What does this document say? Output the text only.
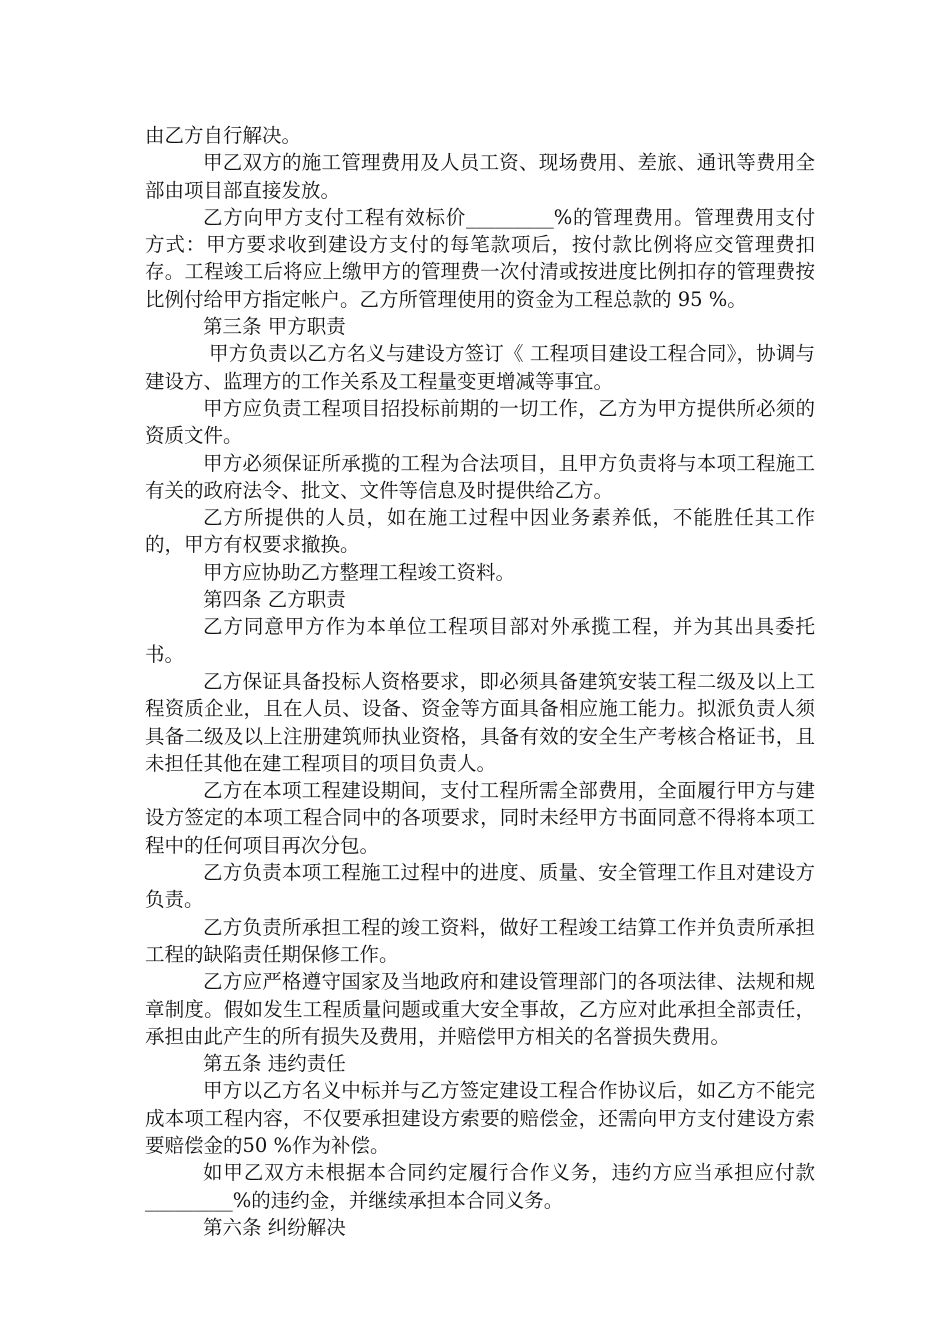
由乙方自行解决。

甲乙双方的施工管理费用及人员工资、现场费用、差旅、通讯等费用全部由项目部直接发放。

乙方向甲方支付工程有效标价_________%的管理费用。管理费用支付方式：甲方要求收到建设方支付的每笔款项后，按付款比例将应交管理费扣存。工程竣工后将应上缴甲方的管理费一次付清或按进度比例扣存的管理费按比例付给甲方指定帐户。乙方所管理使用的资金为工程总款的 95 %。

第三条 甲方职责

甲方负责以乙方名义与建设方签订《 工程项目建设工程合同》，协调与建设方、监理方的工作关系及工程量变更增减等事宜。

甲方应负责工程项目招投标前期的一切工作，乙方为甲方提供所必须的资质文件。

甲方必须保证所承揽的工程为合法项目，且甲方负责将与本项工程施工有关的政府法令、批文、文件等信息及时提供给乙方。

乙方所提供的人员，如在施工过程中因业务素养低，不能胜任其工作的，甲方有权要求撤换。

甲方应协助乙方整理工程竣工资料。

第四条 乙方职责

乙方同意甲方作为本单位工程项目部对外承揽工程，并为其出具委托书。

乙方保证具备投标人资格要求，即必须具备建筑安装工程二级及以上工程资质企业，且在人员、设备、资金等方面具备相应施工能力。拟派负责人须具备二级及以上注册建筑师执业资格，具备有效的安全生产考核合格证书，且未担任其他在建工程项目的项目负责人。

乙方在本项工程建设期间，支付工程所需全部费用，全面履行甲方与建设方签定的本项工程合同中的各项要求，同时未经甲方书面同意不得将本项工程中的任何项目再次分包。

乙方负责本项工程施工过程中的进度、质量、安全管理工作且对建设方负责。

乙方负责所承担工程的竣工资料，做好工程竣工结算工作并负责所承担工程的缺陷责任期保修工作。

乙方应严格遵守国家及当地政府和建设管理部门的各项法律、法规和规章制度。假如发生工程质量问题或重大安全事故，乙方应对此承担全部责任，承担由此产生的所有损失及费用，并赔偿甲方相关的名誉损失费用。

第五条 违约责任

甲方以乙方名义中标并与乙方签定建设工程合作协议后，如乙方不能完成本项工程内容，不仅要承担建设方索要的赔偿金，还需向甲方支付建设方索要赔偿金的50 %作为补偿。

如甲乙双方未根据本合同约定履行合作义务，违约方应当承担应付款_________%的违约金，并继续承担本合同义务。

第六条 纠纷解决
